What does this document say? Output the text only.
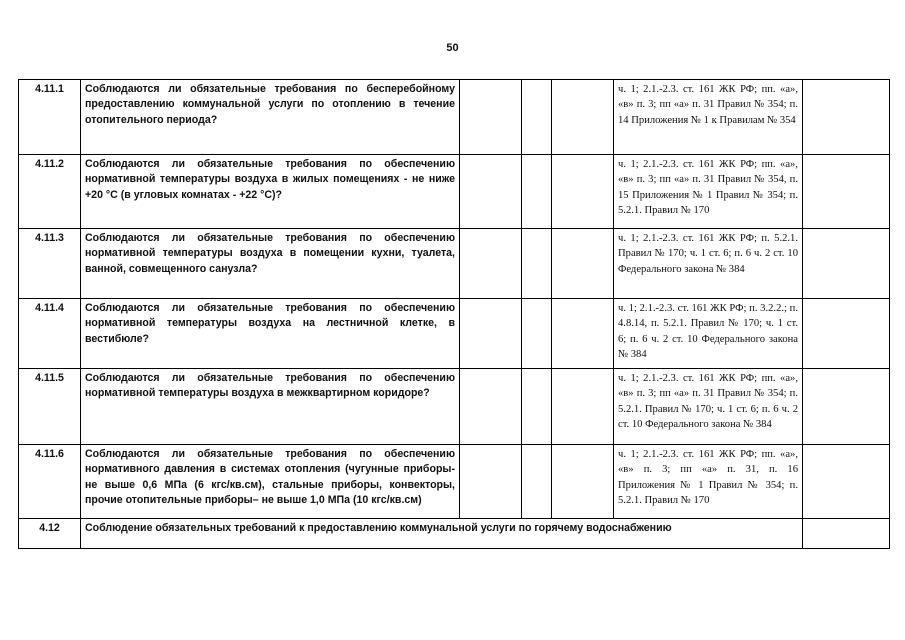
50
4.11.1	Соблюдаются ли обязательные требования по бесперебойному предоставлению коммунальной услуги по отоплению в течение отопительного периода?				ч. 1; 2.1.-2.3. ст. 161 ЖК РФ; пп. «а», «в» п. 3; пп «а» п. 31 Правил № 354; п. 14 Приложения № 1 к Правилам № 354	
4.11.2	Соблюдаются ли обязательные требования по обеспечению нормативной температуры воздуха в жилых помещениях - не ниже +20 °C (в угловых комнатах - +22 °C)?				ч. 1; 2.1.-2.3. ст. 161 ЖК РФ; пп. «а», «в» п. 3; пп «а» п. 31 Правил № 354, п. 15 Приложения № 1 Правил № 354; п. 5.2.1. Правил № 170	
4.11.3	Соблюдаются ли обязательные требования по обеспечению нормативной температуры воздуха в помещении кухни, туалета, ванной, совмещенного санузла?				ч. 1; 2.1.-2.3. ст. 161 ЖК РФ; п. 5.2.1. Правил № 170; ч. 1 ст. 6; п. 6 ч. 2 ст. 10 Федерального закона № 384	
4.11.4	Соблюдаются ли обязательные требования по обеспечению нормативной температуры воздуха на лестничной клетке, в вестибюле?				ч. 1; 2.1.-2.3. ст. 161 ЖК РФ; п. 3.2.2.; п. 4.8.14, п. 5.2.1. Правил № 170; ч. 1 ст. 6; п. 6 ч. 2 ст. 10 Федерального закона № 384	
4.11.5	Соблюдаются ли обязательные требования по обеспечению нормативной температуры воздуха в межквартирном коридоре?				ч. 1; 2.1.-2.3. ст. 161 ЖК РФ; пп. «а», «в» п. 3; пп «а» п. 31 Правил № 354; п. 5.2.1. Правил № 170; ч. 1 ст. 6; п. 6 ч. 2 ст. 10 Федерального закона № 384	
4.11.6	Соблюдаются ли обязательные требования по обеспечению нормативного давления в системах отопления (чугунные приборы- не выше 0,6 МПа (6 кгс/кв.см), стальные приборы, конвекторы, прочие отопительные приборы– не выше 1,0 МПа (10 кгс/кв.см)				ч. 1; 2.1.-2.3. ст. 161 ЖК РФ; пп. «а», «в» п. 3; пп «а» п. 31, п. 16 Приложения № 1 Правил № 354; п. 5.2.1. Правил № 170	
4.12	Соблюдение обязательных требований к предоставлению коммунальной услуги по горячему водоснабжению					
